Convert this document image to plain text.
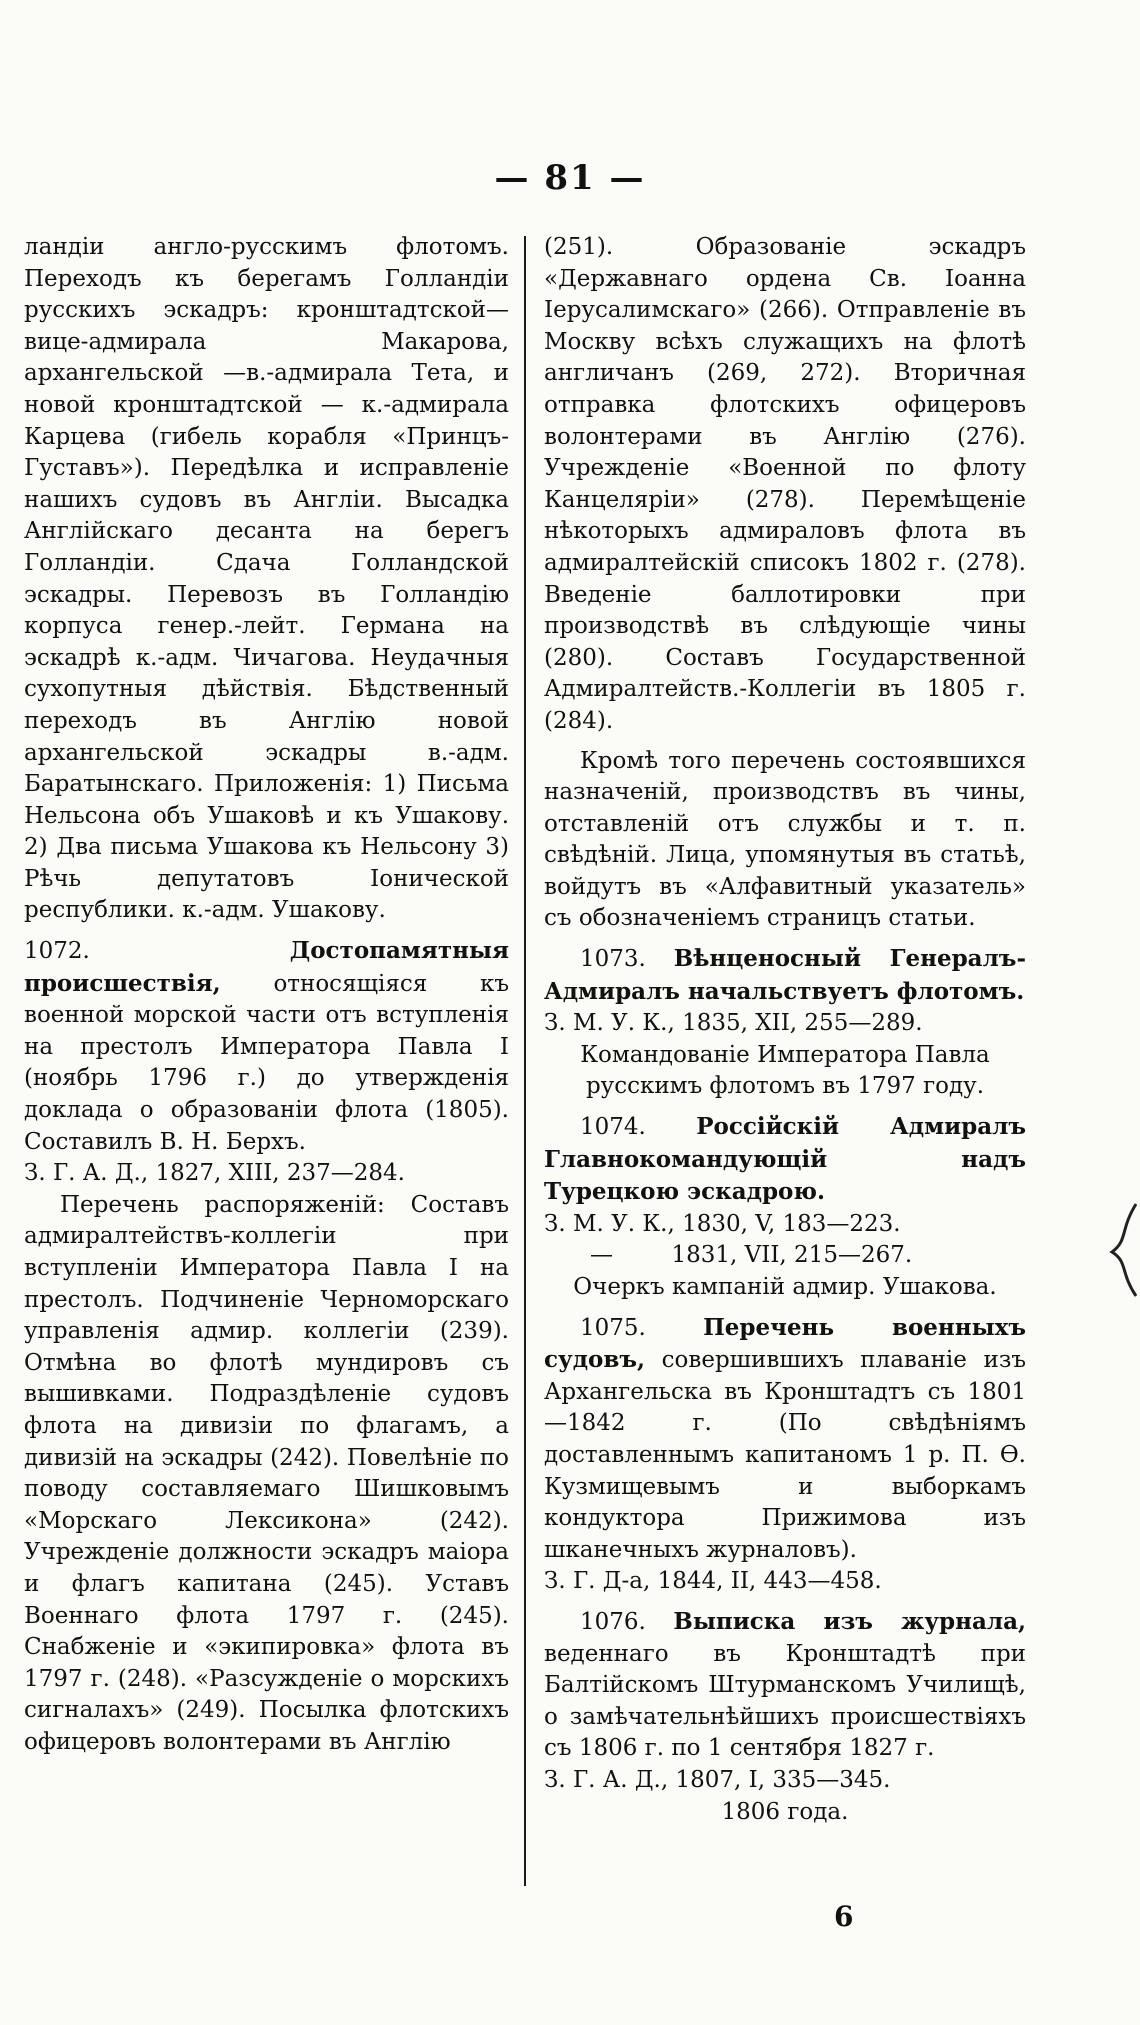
— 81 —

ландіи англо-русскимъ флотомъ. Переходъ къ берегамъ Голландіи русскихъ эскадръ: кронштадтской—вице-адмирала Макарова, архангельской —в.-адмирала Тета, и новой кронштадтской — к.-адмирала Карцева (гибель корабля «Принцъ-Густавъ»). Передѣлка и исправленіе нашихъ судовъ въ Англіи. Высадка Англійскаго десанта на берегъ Голландіи. Сдача Голландской эскадры. Перевозъ въ Голландію корпуса генер.-лейт. Германа на эскадрѣ к.-адм. Чичагова. Неудачныя сухопутныя дѣйствія. Бѣдственный переходъ въ Англію новой архангельской эскадры в.-адм. Баратынскаго. Приложенія: 1) Письма Нельсона объ Ушаковѣ и къ Ушакову. 2) Два письма Ушакова къ Нельсону 3) Рѣчь депутатовъ Іонической республики. к.-адм. Ушакову.

1072.	Достопамятныя происшествія, относящіяся къ военной морской части отъ вступленія на престолъ Императора Павла I (ноябрь 1796 г.) до утвержденія доклада о образованіи флота (1805). Составилъ В. Н. Берхъ.

З. Г. А. Д., 1827, XIII, 237—284.

Перечень распоряженій: Составъ адмиралтействъ-коллегіи при вступленіи Императора Павла I на престолъ. Подчиненіе Черноморскаго управленія адмир. коллегіи (239). Отмѣна во флотѣ мундировъ съ вышивками. Подраздѣленіе судовъ флота на дивизіи по флагамъ, а дивизій на эскадры (242). Повелѣніе по поводу составляемаго Шишковымъ «Морскаго Лексикона» (242). Учрежденіе должности эскадръ маіора и флагъ капитана (245). Уставъ Военнаго флота 1797 г. (245). Снабженіе и «экипировка» флота въ 1797 г. (248). «Разсужденіе о морскихъ сигналахъ» (249). Посылка флотскихъ офицеровъ волонтерами въ Англію

(251). Образованіе эскадръ «Державнаго ордена Св. Іоанна Іерусалимскаго» (266). Отправленіе въ Москву всѣхъ служащихъ на флотѣ англичанъ (269, 272). Вторичная отправка флотскихъ офицеровъ волонтерами въ Англію (276). Учрежденіе «Военной по флоту Канцеляріи» (278). Перемѣщеніе нѣкоторыхъ адмираловъ флота въ адмиралтейскій списокъ 1802 г. (278). Введеніе баллотировки при производствѣ въ слѣдующіе чины (280). Составъ Государственной Адмиралтейств.-Коллегіи въ 1805 г. (284).

Кромѣ того перечень состоявшихся назначеній, производствъ въ чины, отставленій отъ службы и т. п. свѣдѣній. Лица, упомянутыя въ статьѣ, войдутъ въ «Алфавитный указатель» съ обозначеніемъ страницъ статьи.

1073. Вѣнценосный Генералъ-Адмиралъ начальствуетъ флотомъ.

З. М. У. К., 1835, XII, 255—289.

Командованіе Императора Павла русскимъ флотомъ въ 1797 году.

1074. Россійскій Адмиралъ Главнокомандующій надъ Турецкою эскадрою.

З. М. У. К., 1830, V, 183—223.

—        1831, VII, 215—267.

Очеркъ кампаній адмир. Ушакова.

1075. Перечень военныхъ судовъ, совершившихъ плаваніе изъ Архангельска въ Кронштадтъ съ 1801—1842 г. (По свѣдѣніямъ доставленнымъ капитаномъ 1 р. П. Ѳ. Кузмищевымъ и выборкамъ кондуктора Прижимова изъ шканечныхъ журналовъ).

З. Г. Д-а, 1844, II, 443—458.

1076. Выписка изъ журнала, веденнаго въ Кронштадтѣ при Балтійскомъ Штурманскомъ Училищѣ, о замѣчательнѣйшихъ происшествіяхъ съ 1806 г. по 1 сентября 1827 г.

З. Г. А. Д., 1807, I, 335—345.

1806 года.

6
